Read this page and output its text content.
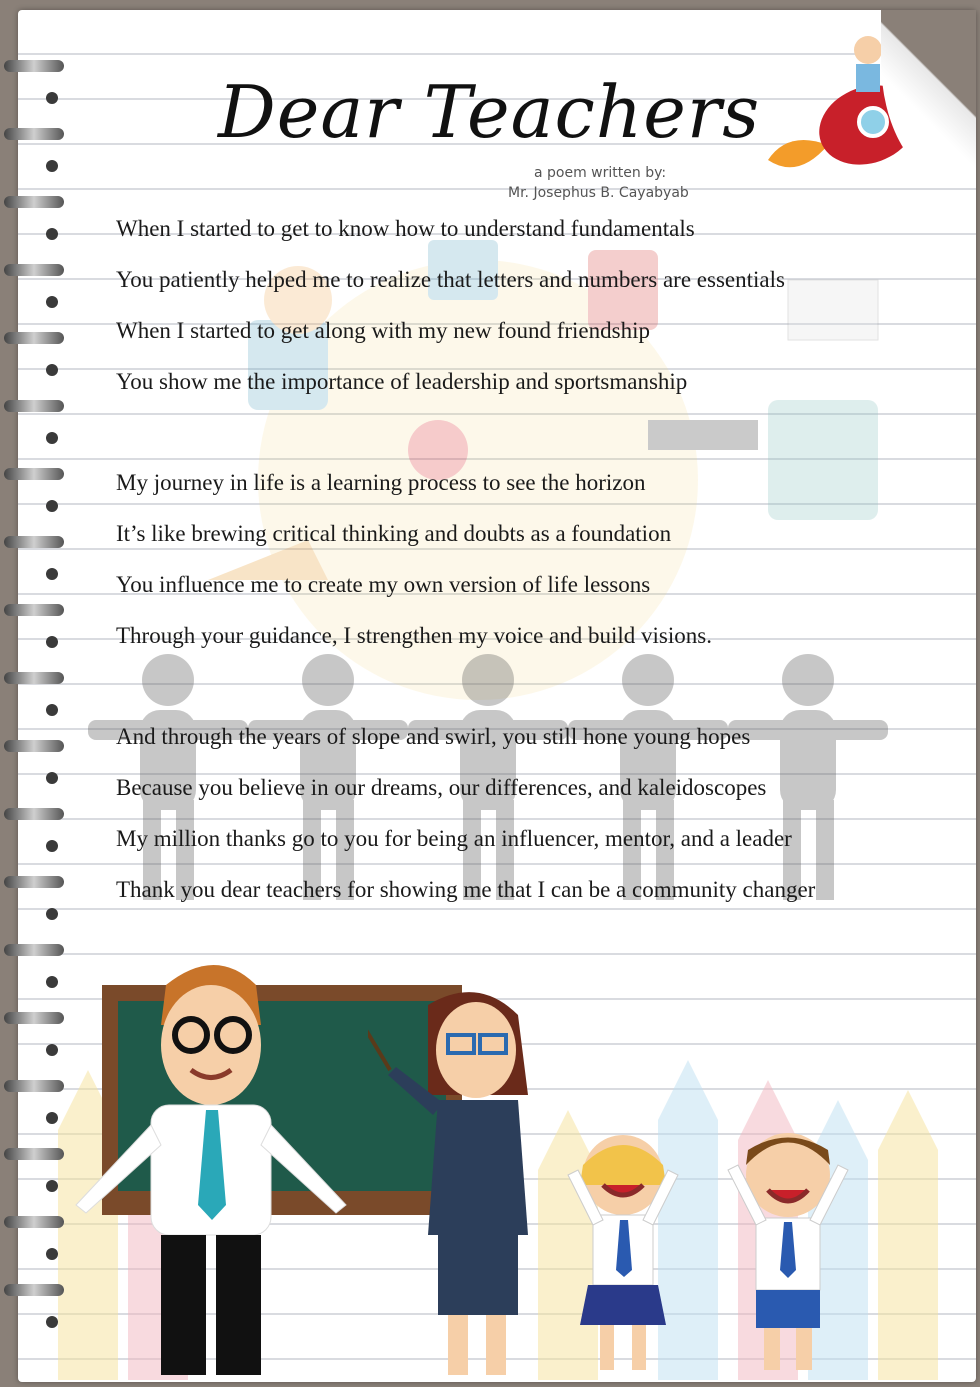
Dear Teachers
a poem written by:
Mr. Josephus B. Cayabyab
When I started to get to know how to understand fundamentals
You patiently helped me to realize that letters and numbers are essentials
When I started to get along with my new found friendship
You show me the importance of leadership and sportsmanship
My journey in life is a learning process to see the horizon
It’s like brewing critical thinking and doubts as a foundation
You influence me to create my own version of life lessons
Through your guidance, I strengthen my voice and build visions.
And through the years of slope and swirl, you still hone young hopes
Because you believe in our dreams, our differences, and kaleidoscopes
My million thanks go to you for being an influencer, mentor, and a leader
Thank you dear teachers for showing me that I can be a community changer
